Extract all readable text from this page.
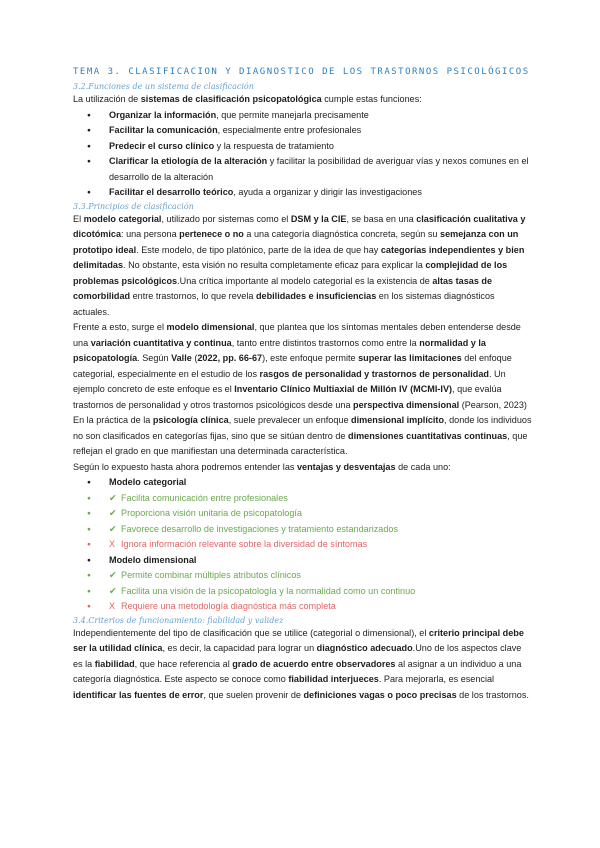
TEMA 3. CLASIFICACION Y DIAGNOSTICO DE LOS TRASTORNOS PSICOLÓGICOS
3.2.Funciones de un sistema de clasificación

La utilización de sistemas de clasificación psicopatológica cumple estas funciones:

● Organizar la información, que permite manejarla precisamente
● Facilitar la comunicación, especialmente entre profesionales
● Predecir el curso clínico y la respuesta de tratamiento
● Clarificar la etiología de la alteración y facilitar la posibilidad de averiguar vías y nexos comunes en el desarrollo de la alteración
● Facilitar el desarrollo teórico, ayuda a organizar y dirigir las investigaciones
3.3.Principios de clasificación

El modelo categorial, utilizado por sistemas como el DSM y la CIE, se basa en una clasificación cualitativa y dicotómica: una persona pertenece o no a una categoría diagnóstica concreta, según su semejanza con un prototipo ideal. Este modelo, de tipo platónico, parte de la idea de que hay categorías independientes y bien delimitadas. No obstante, esta visión no resulta completamente eficaz para explicar la complejidad de los problemas psicológicos.Una crítica importante al modelo categorial es la existencia de altas tasas de comorbilidad entre trastornos, lo que revela debilidades e insuficiencias en los sistemas diagnósticos actuales.

Frente a esto, surge el modelo dimensional, que plantea que los síntomas mentales deben entenderse desde una variación cuantitativa y continua, tanto entre distintos trastornos como entre la normalidad y la psicopatología. Según Valle (2022, pp. 66-67), este enfoque permite superar las limitaciones del enfoque categorial, especialmente en el estudio de los rasgos de personalidad y trastornos de personalidad. Un ejemplo concreto de este enfoque es el Inventario Clínico Multiaxial de Millón IV (MCMI-IV), que evalúa trastornos de personalidad y otros trastornos psicológicos desde una perspectiva dimensional (Pearson, 2023)

En la práctica de la psicología clínica, suele prevalecer un enfoque dimensional implícito, donde los individuos no son clasificados en categorías fijas, sino que se sitúan dentro de dimensiones cuantitativas continuas, que reflejan el grado en que manifiestan una determinada característica.

Según lo expuesto hasta ahora podremos entender las ventajas y desventajas de cada uno:

● Modelo categorial
● ✔ Facilita comunicación entre profesionales
● ✔ Proporciona visión unitaria de psicopatología
● ✔ Favorece desarrollo de investigaciones y tratamiento estandarizados
● X Ignora información relevante sobre la diversidad de síntomas
● Modelo dimensional
● ✔ Permite combinar múltiples atributos clínicos
● ✔ Facilita una visión de la psicopatología y la normalidad como un continuo
● X Requiere una metodología diagnóstica más completa
3.4.Criterios de funcionamiento: fiabilidad y validez

Independientemente del tipo de clasificación que se utilice (categorial o dimensional), el criterio principal debe ser la utilidad clínica, es decir, la capacidad para lograr un diagnóstico adecuado.Uno de los aspectos clave es la fiabilidad, que hace referencia al grado de acuerdo entre observadores al asignar a un individuo a una categoría diagnóstica. Este aspecto se conoce como fiabilidad interjueces. Para mejorarla, es esencial identificar las fuentes de error, que suelen provenir de definiciones vagas o poco precisas de los trastornos.
